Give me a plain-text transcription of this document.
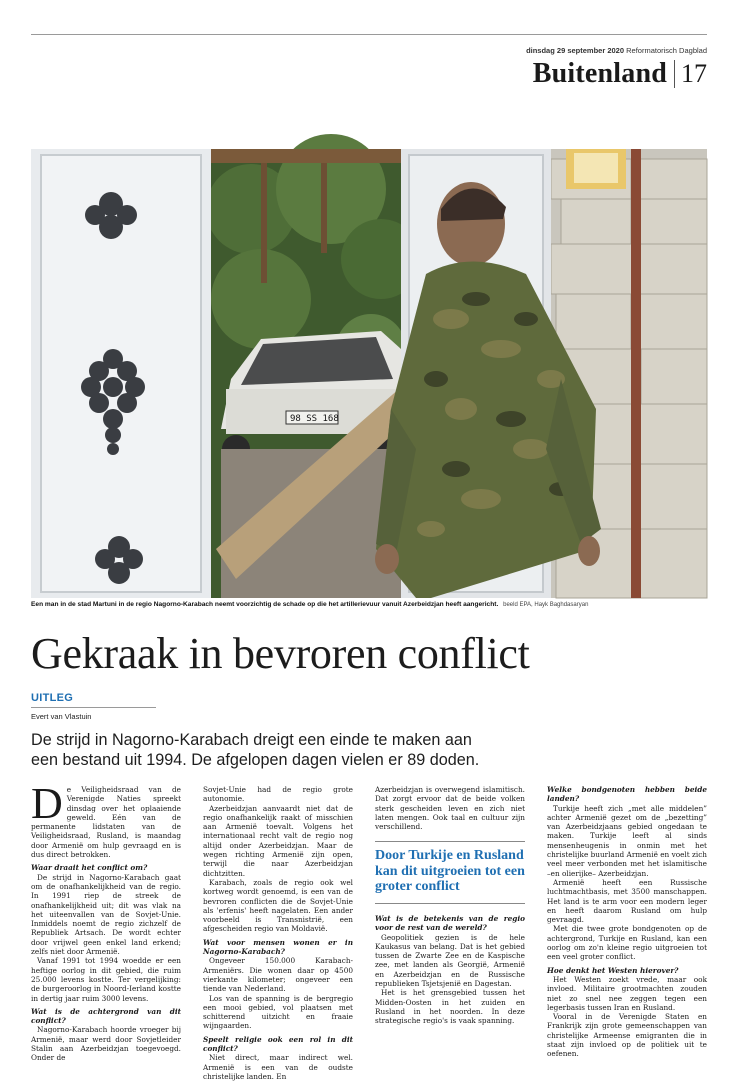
dinsdag 29 september 2020 Reformatorisch Dagblad
Buitenland 17
98 SS 168
Een man in de stad Martuni in de regio Nagorno-Karabach neemt voorzichtig de schade op die het artillerievuur vanuit Azerbeidzjan heeft aangericht. beeld EPA, Hayk Baghdasaryan
Gekraak in bevroren conflict
UITLEG
Evert van Vlastuin
De strijd in Nagorno-Karabach dreigt een einde te maken aan een bestand uit 1994. De afgelopen dagen vielen er 89 doden.
D e Veiligheidsraad van de Verenigde Naties spreekt dinsdag over het oplaaiende geweld. Eén van de permanente lidstaten van de Veiligheidsraad, Rusland, is maandag door Armenië om hulp gevraagd en is dus direct betrokken.

Waar draait het conflict om?

De strijd in Nagorno-Karabach gaat om de onafhankelijkheid van de regio. In 1991 riep de streek de onafhankelijkheid uit; dit was vlak na het uiteenvallen van de Sovjet-Unie. Inmiddels noemt de regio zichzelf de Republiek Artsach. De wordt echter door vrijwel geen enkel land erkend; zelfs niet door Armenië.

Vanaf 1991 tot 1994 woedde er een heftige oorlog in dit gebied, die ruim 25.000 levens kostte. Ter vergelijking: de burgeroorlog in Noord-Ierland kostte in dertig jaar ruim 3000 levens.

Wat is de achtergrond van dit conflict?

Nagorno-Karabach hoorde vroeger bij Armenië, maar werd door Sovjetleider Stalin aan Azerbeidzjan toegevoegd. Onder de

Sovjet-Unie had de regio grote autonomie.

Azerbeidzjan aanvaardt niet dat de regio onafhankelijk raakt of misschien aan Armenië toevalt. Volgens het internationaal recht valt de regio nog altijd onder Azerbeidzjan. Maar de wegen richting Armenië zijn open, terwijl die naar Azerbeidzjan dichtzitten.

Karabach, zoals de regio ook wel kortweg wordt genoemd, is een van de bevroren conflicten die de Sovjet-Unie als 'erfenis' heeft nagelaten. Een ander voorbeeld is Transnistrië, een afgescheiden regio van Moldavië.

Wat voor mensen wonen er in Nagorno-Karabach?

Ongeveer 150.000 Karabach-Armeniërs. Die wonen daar op 4500 vierkante kilometer; ongeveer een tiende van Nederland.

Los van de spanning is de bergregio een mooi gebied, vol plaatsen met schitterend uitzicht en fraaie wijngaarden.

Speelt religie ook een rol in dit conflict?

Niet direct, maar indirect wel. Armenië is een van de oudste christelijke landen. En

Azerbeidzjan is overwegend islamitisch. Dat zorgt ervoor dat de beide volken sterk gescheiden leven en zich niet laten mengen. Ook taal en cultuur zijn verschillend.

Door Turkije en Rusland kan dit uitgroeien tot een groter conflict

Wat is de betekenis van de regio voor de rest van de wereld?

Geopolitiek gezien is de hele Kaukasus van belang. Dat is het gebied tussen de Zwarte Zee en de Kaspische zee, met landen als Georgië, Armenië en Azerbeidzjan en de Russische republieken Tsjetsjenië en Dagestan.

Het is het grensgebied tussen het Midden-Oosten in het zuiden en Rusland in het noorden. In deze strategische regio's is vaak spanning.

Welke bondgenoten hebben beide landen?

Turkije heeft zich „met alle middelen” achter Armenië gezet om de „bezetting” van Azerbeidzjaans gebied ongedaan te maken. Turkije leeft al sinds mensenheugenis in onmin met het christelijke buurland Armenië en voelt zich veel meer verbonden met het islamitische –en olierijke– Azerbeidzjan.

Armenië heeft een Russische luchtmachtbasis, met 3500 manschappen. Het land is te arm voor een modern leger en heeft daarom Rusland om hulp gevraagd.

Met die twee grote bondgenoten op de achtergrond, Turkije en Rusland, kan een oorlog om zo'n kleine regio uitgroeien tot een veel groter conflict.

Hoe denkt het Westen hierover?

Het Westen zoekt vrede, maar ook invloed. Militaire grootmachten zouden niet zo snel nee zeggen tegen een legerbasis tussen Iran en Rusland.

Vooral in de Verenigde Staten en Frankrijk zijn grote gemeenschappen van christelijke Armeense emigranten die in staat zijn invloed op de politiek uit te oefenen.
